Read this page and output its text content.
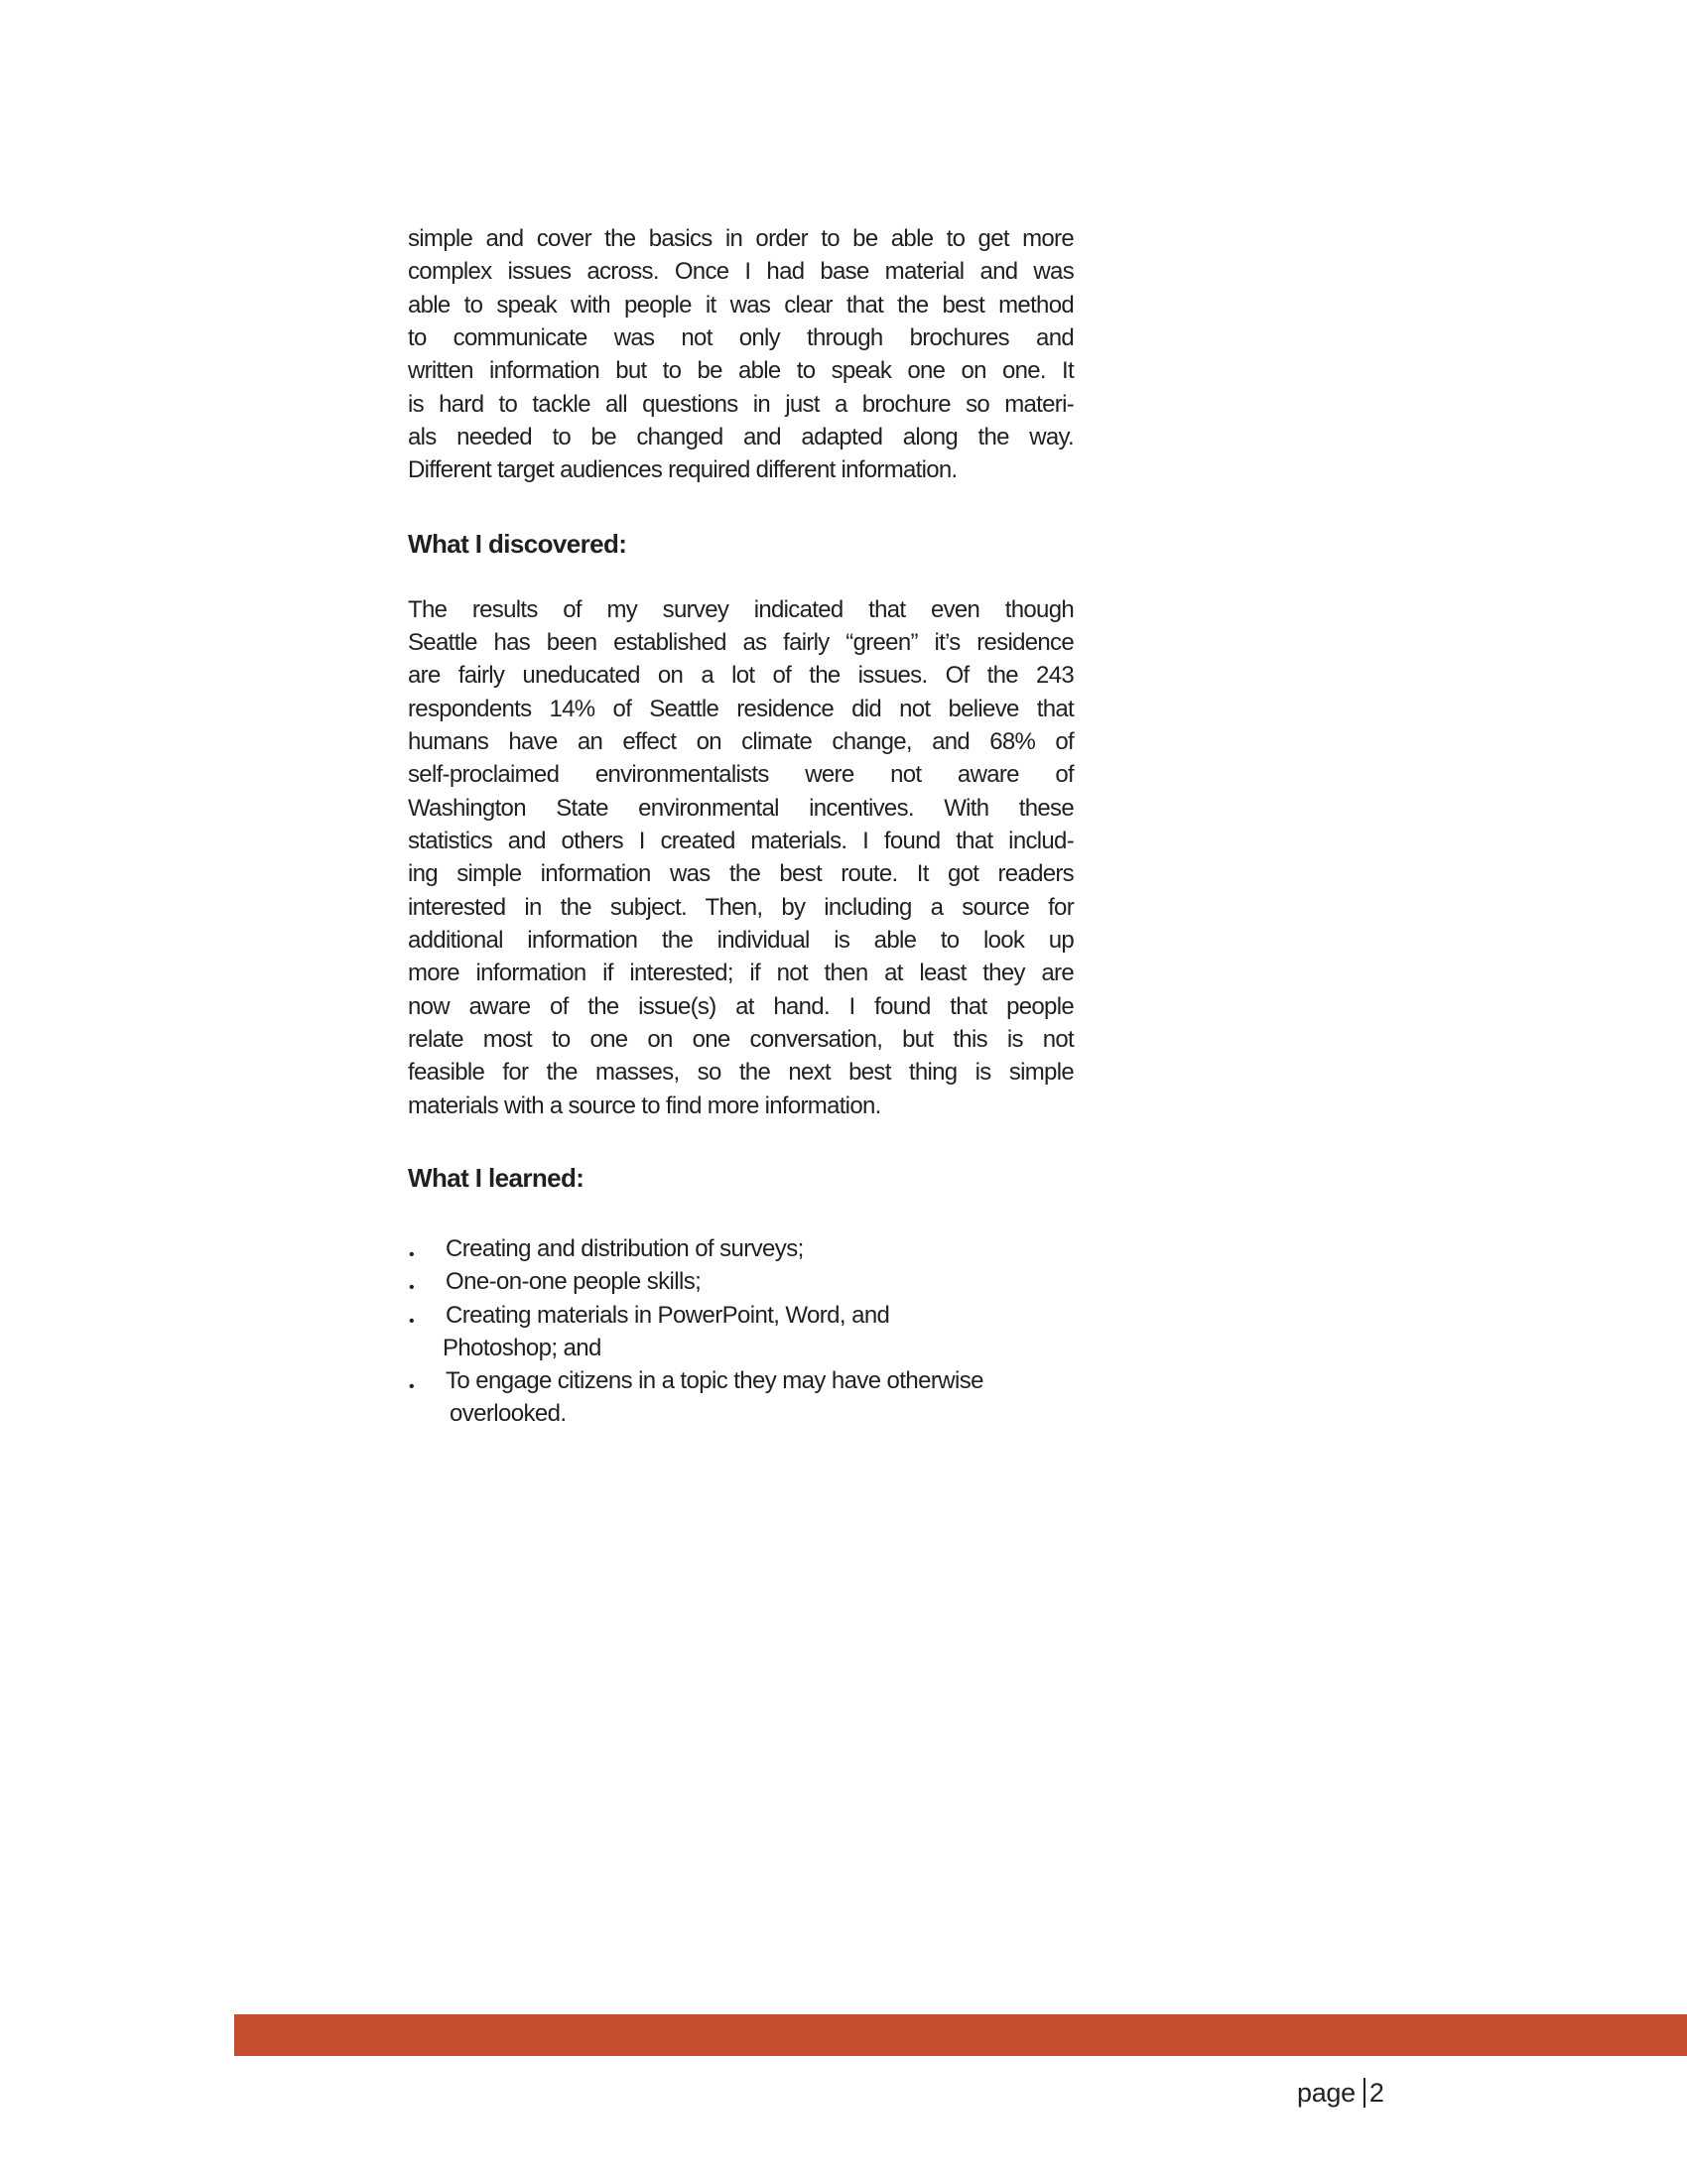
simple and cover the basics in order to be able to get more
complex issues across. Once I had base material and was
able to speak with people it was clear that the best method
to communicate was not only through brochures and
written information but to be able to speak one on one. It
is hard to tackle all questions in just a brochure so materi-
als needed to be changed and adapted along the way.
Different target audiences required different information.
What I discovered:
The results of my survey indicated that even though
Seattle has been established as fairly “green” it’s residence
are fairly uneducated on a lot of the issues. Of the 243
respondents 14% of Seattle residence did not believe that
humans have an effect on climate change, and 68% of
self-proclaimed environmentalists were not aware of
Washington State environmental incentives. With these
statistics and others I created materials. I found that includ-
ing simple information was the best route. It got readers
interested in the subject. Then, by including a source for
additional information the individual is able to look up
more information if interested; if not then at least they are
now aware of the issue(s) at hand. I found that people
relate most to one on one conversation, but this is not
feasible for the masses, so the next best thing is simple
materials with a source to find more information.
What I learned:
• Creating and distribution of surveys;
• One-on-one people skills;
• Creating materials in PowerPoint, Word, and
Photoshop; and
• To engage citizens in a topic they may have otherwise
overlooked.
page 2
